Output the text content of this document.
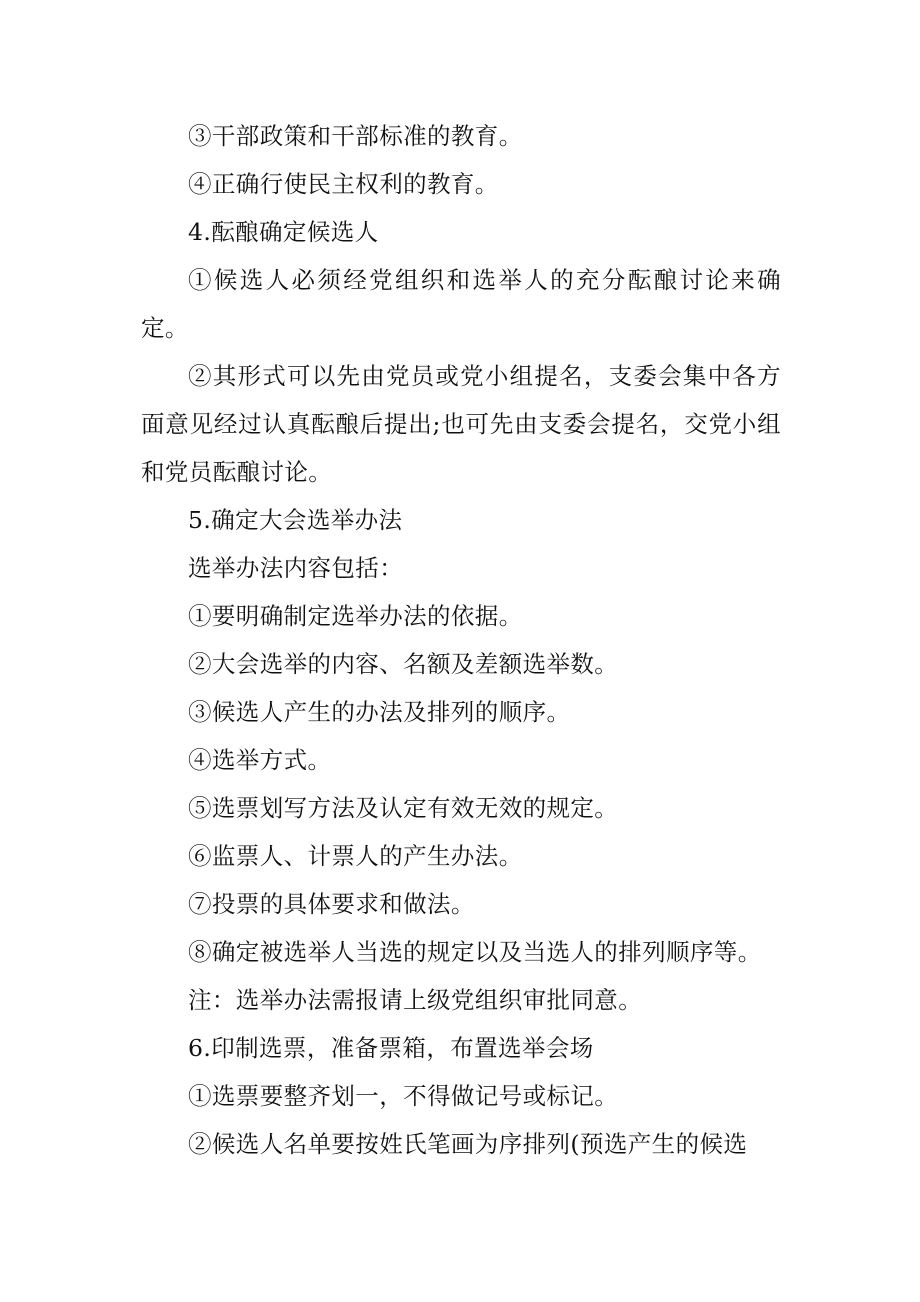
③干部政策和干部标准的教育。

④正确行使民主权利的教育。

4.酝酿确定候选人

①候选人必须经党组织和选举人的充分酝酿讨论来确定。

②其形式可以先由党员或党小组提名，支委会集中各方面意见经过认真酝酿后提出;也可先由支委会提名，交党小组和党员酝酿讨论。

5.确定大会选举办法

选举办法内容包括：

①要明确制定选举办法的依据。

②大会选举的内容、名额及差额选举数。

③候选人产生的办法及排列的顺序。

④选举方式。

⑤选票划写方法及认定有效无效的规定。

⑥监票人、计票人的产生办法。

⑦投票的具体要求和做法。

⑧确定被选举人当选的规定以及当选人的排列顺序等。

注：选举办法需报请上级党组织审批同意。

6.印制选票，准备票箱，布置选举会场

①选票要整齐划一，不得做记号或标记。

②候选人名单要按姓氏笔画为序排列(预选产生的候选
